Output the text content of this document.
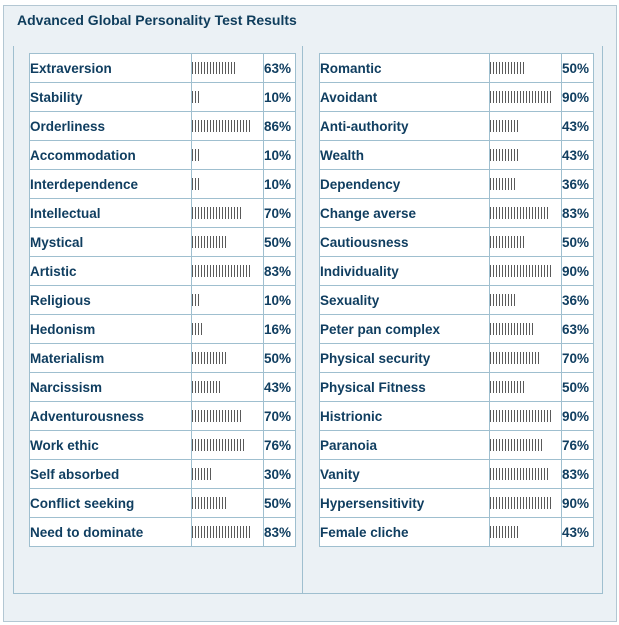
Advanced Global Personality Test Results
Extraversion		63%
Stability		10%
Orderliness		86%
Accommodation		10%
Interdependence		10%
Intellectual		70%
Mystical		50%
Artistic		83%
Religious		10%
Hedonism		16%
Materialism		50%
Narcissism		43%
Adventurousness		70%
Work ethic		76%
Self absorbed		30%
Conflict seeking		50%
Need to dominate		83%
Romantic		50%
Avoidant		90%
Anti-authority		43%
Wealth		43%
Dependency		36%
Change averse		83%
Cautiousness		50%
Individuality		90%
Sexuality		36%
Peter pan complex		63%
Physical security		70%
Physical Fitness		50%
Histrionic		90%
Paranoia		76%
Vanity		83%
Hypersensitivity		90%
Female cliche		43%
